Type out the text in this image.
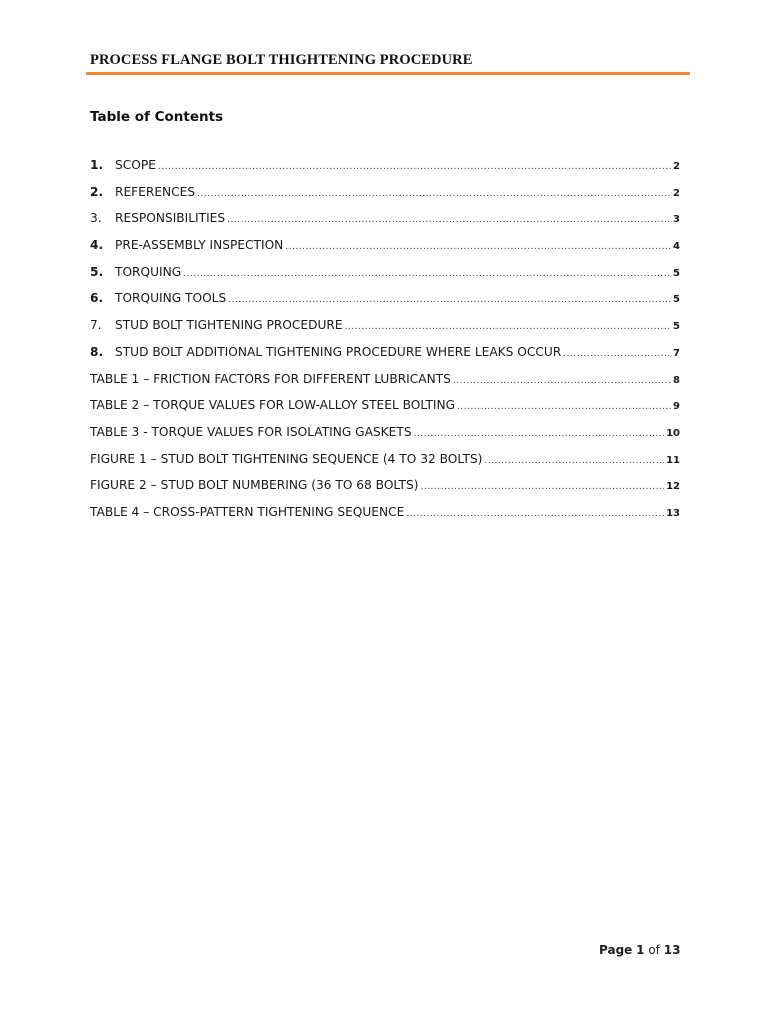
PROCESS FLANGE BOLT THIGHTENING PROCEDURE
Table of Contents
1. SCOPE .....	2
2. REFERENCES .....	2
3.	RESPONSIBILITIES .....	3
4. PRE-ASSEMBLY INSPECTION .....	4
5. TORQUING .....	5
6. TORQUING TOOLS .....	5
7.	STUD BOLT TIGHTENING PROCEDURE .....	5
8. STUD BOLT ADDITIONAL TIGHTENING PROCEDURE WHERE LEAKS OCCUR .....	7
TABLE 1 – FRICTION FACTORS FOR DIFFERENT LUBRICANTS .....	8
TABLE 2 – TORQUE VALUES FOR LOW-ALLOY STEEL BOLTING .....	9
TABLE 3 - TORQUE VALUES FOR ISOLATING GASKETS .....	10
FIGURE 1 – STUD BOLT TIGHTENING SEQUENCE (4 TO 32 BOLTS) .....	11
FIGURE 2 – STUD BOLT NUMBERING (36 TO 68 BOLTS) .....	12
TABLE 4 – CROSS-PATTERN TIGHTENING SEQUENCE .....	13
Page 1 of 13
